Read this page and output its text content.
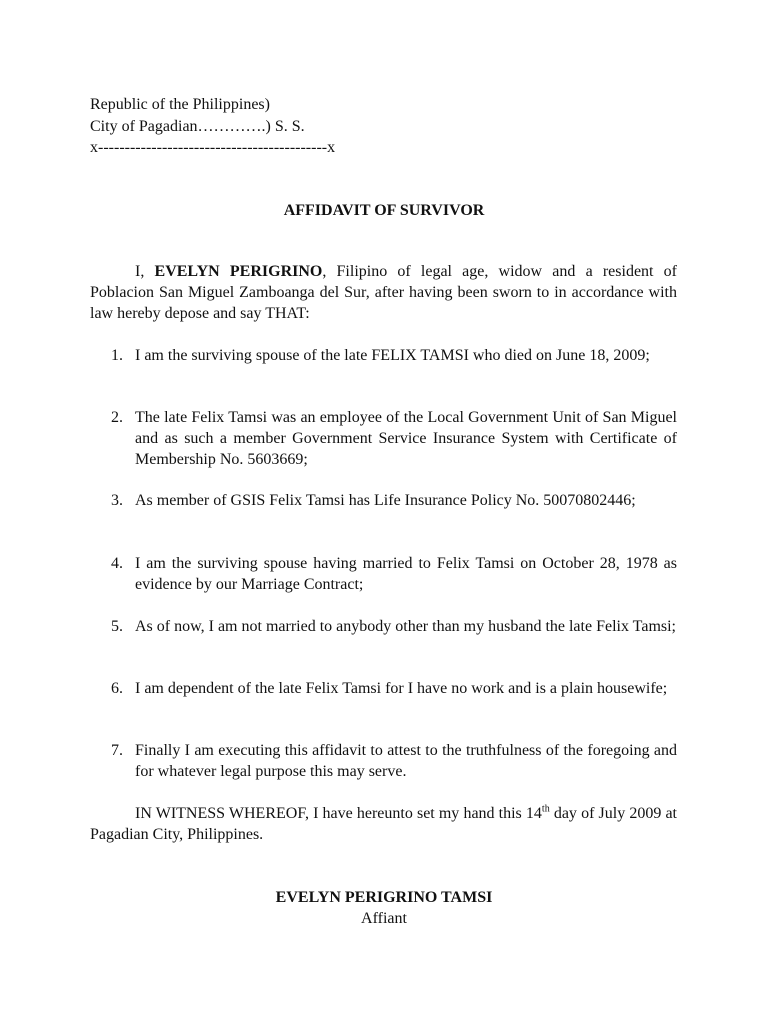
Republic of the Philippines)
City of Pagadian………….) S. S.
x-------------------------------------------x
AFFIDAVIT OF SURVIVOR

I, EVELYN PERIGRINO, Filipino of legal age, widow and a resident of Poblacion San Miguel Zamboanga del Sur, after having been sworn to in accordance with law hereby depose and say THAT:

1. I am the surviving spouse of the late FELIX TAMSI who died on June 18, 2009;
2. The late Felix Tamsi was an employee of the Local Government Unit of San Miguel and as such a member Government Service Insurance System with Certificate of Membership No. 5603669;
3. As member of GSIS Felix Tamsi has Life Insurance Policy No. 50070802446;
4. I am the surviving spouse having married to Felix Tamsi on October 28, 1978 as evidence by our Marriage Contract;
5. As of now, I am not married to anybody other than my husband the late Felix Tamsi;
6. I am dependent of the late Felix Tamsi for I have no work and is a plain housewife;
7. Finally I am executing this affidavit to attest to the truthfulness of the foregoing and for whatever legal purpose this may serve.

IN WITNESS WHEREOF, I have hereunto set my hand this 14th day of July 2009 at Pagadian City, Philippines.

EVELYN PERIGRINO TAMSI
Affiant
